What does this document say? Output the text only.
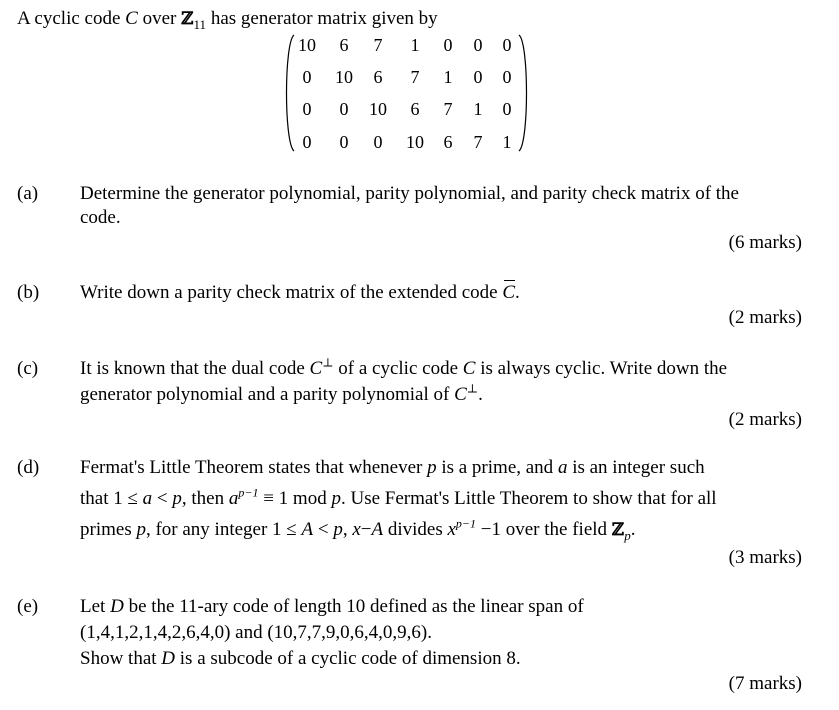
A cyclic code C over ℤ$_{11}$ has generator matrix given by
10 6 7 1 0 0 0
0 10 6 7 1 0 0
0 0 10 6 7 1 0
0 0 0 10 6 7 1
(a) Determine the generator polynomial, parity polynomial, and parity check matrix of the
code.
(6 marks)
(b) Write down a parity check matrix of the extended code C.
(2 marks)
(c) It is known that the dual code C⊥ of a cyclic code C is always cyclic. Write down the
generator polynomial and a parity polynomial of C⊥.
(2 marks)
(d) Fermat's Little Theorem states that whenever p is a prime, and a is an integer such
that 1 ≤ a < p, then $a^{p-1} \equiv 1$ mod p. Use Fermat's Little Theorem to show that for all
primes p, for any integer 1 ≤ A < p, x−A divides $x^{p-1} -1$ over the field ℤ$_p$.
(3 marks)
(e) Let D be the 11-ary code of length 10 defined as the linear span of
(1,4,1,2,1,4,2,6,4,0) and (10,7,7,9,0,6,4,0,9,6).
Show that D is a subcode of a cyclic code of dimension 8.
(7 marks)
